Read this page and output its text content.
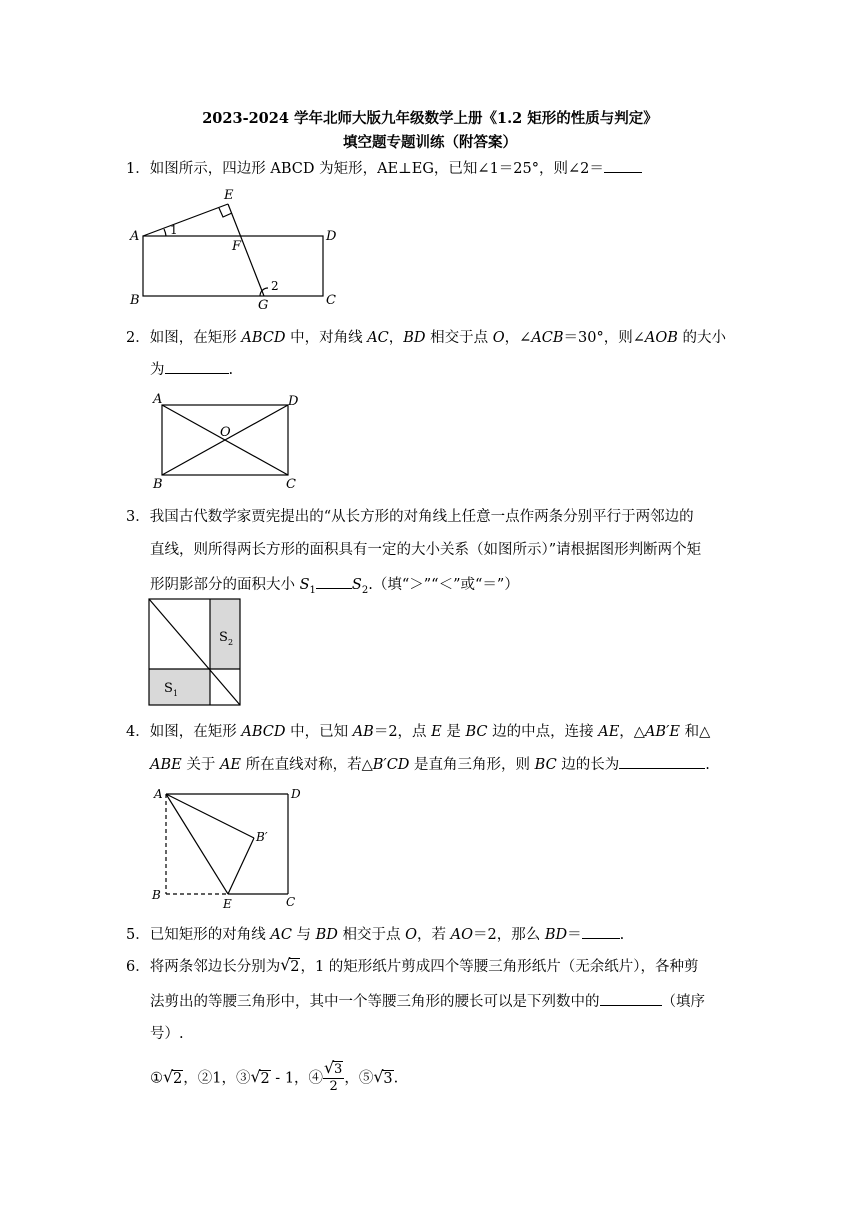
2023-2024 学年北师大版九年级数学上册《1.2 矩形的性质与判定》
填空题专题训练（附答案）
1．如图所示，四边形 ABCD 为矩形，AE⊥EG，已知∠1＝25°，则∠2＝
A
B	C
D
E
F
G
1
2
2．如图，在矩形 ABCD 中，对角线 AC，BD 相交于点 O，∠ACB＝30°，则∠AOB 的大小
为	.
A
B	C
D
O
3．我国古代数学家贾宪提出的“从长方形的对角线上任意一点作两条分别平行于两邻边的
直线，则所得两长方形的面积具有一定的大小关系（如图所示）”请根据图形判断两个矩
形阴影部分的面积大小 $S_1$ $S_2$.（填“＞”“＜”或“＝”）
S 2
S 1
4．如图，在矩形 ABCD 中，已知 AB＝2，点 E 是 BC 边的中点，连接 AE，△AB′E 和△
ABE 关于 AE 所在直线对称，若△B′CD 是直角三角形，则 BC 边的长为	.
A
B	C
D
E
B′
5．已知矩形的对角线 AC 与 BD 相交于点 O，若 AO＝2，那么 BD＝	.
6．将两条邻边长分别为 √ 2，1 的矩形纸片剪成四个等腰三角形纸片（无余纸片），各种剪
法剪出的等腰三角形中，其中一个等腰三角形的腰长可以是下列数中的	（填序
号）.
① √ 2，②1，③ √ 2 - 1，④ $\frac{√ 3}{2}$ ，⑤ √ 3.
